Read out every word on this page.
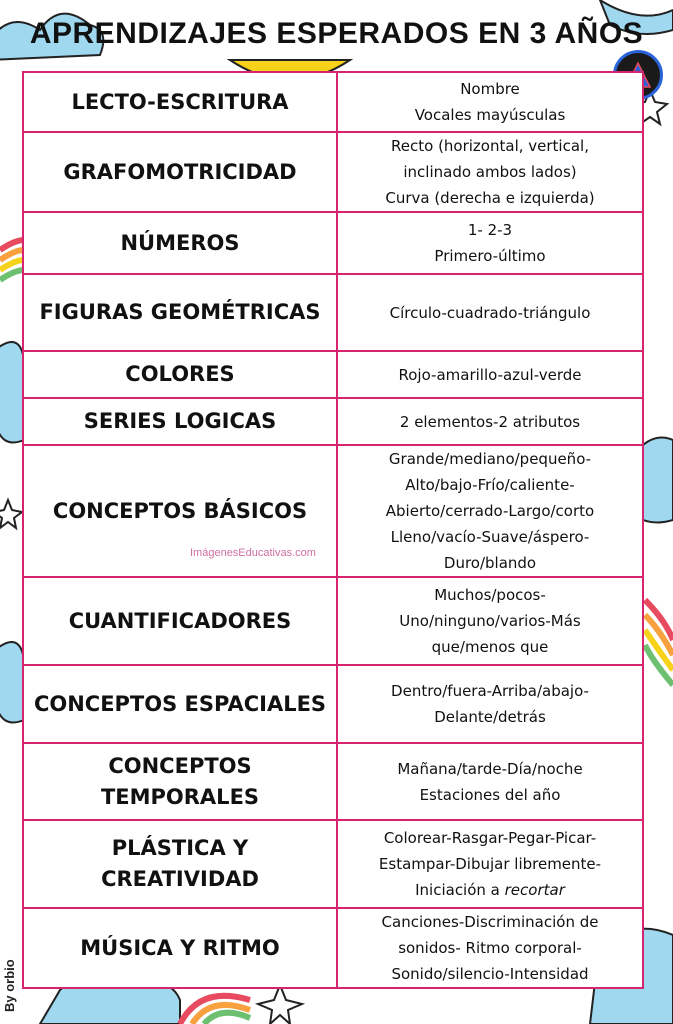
APRENDIZAJES ESPERADOS EN 3 AÑOS
LECTO-ESCRITURA	Nombre
Vocales mayúsculas

GRAFOMOTRICIDAD	Recto (horizontal, vertical,
inclinado ambos lados)
Curva (derecha e izquierda)

NÚMEROS	1- 2-3
Primero-último

FIGURAS GEOMÉTRICAS	Círculo-cuadrado-triángulo

COLORES	Rojo-amarillo-azul-verde

SERIES LOGICAS	2 elementos-2 atributos

CONCEPTOS BÁSICOS	Grande/mediano/pequeño-
Alto/bajo-Frío/caliente-
Abierto/cerrado-Largo/corto
Lleno/vacío-Suave/áspero-
Duro/blando

CUANTIFICADORES	Muchos/pocos-
Uno/ninguno/varios-Más
que/menos que

CONCEPTOS ESPACIALES	Dentro/fuera-Arriba/abajo-
Delante/detrás

CONCEPTOS TEMPORALES	Mañana/tarde-Día/noche
Estaciones del año

PLÁSTICA Y CREATIVIDAD	Colorear-Rasgar-Pegar-Picar-
Estampar-Dibujar libremente-
Iniciación a recortar

MÚSICA Y RITMO	Canciones-Discriminación de
sonidos- Ritmo corporal-
Sonido/silencio-Intensidad
ImágenesEducativas.com
By orbio
